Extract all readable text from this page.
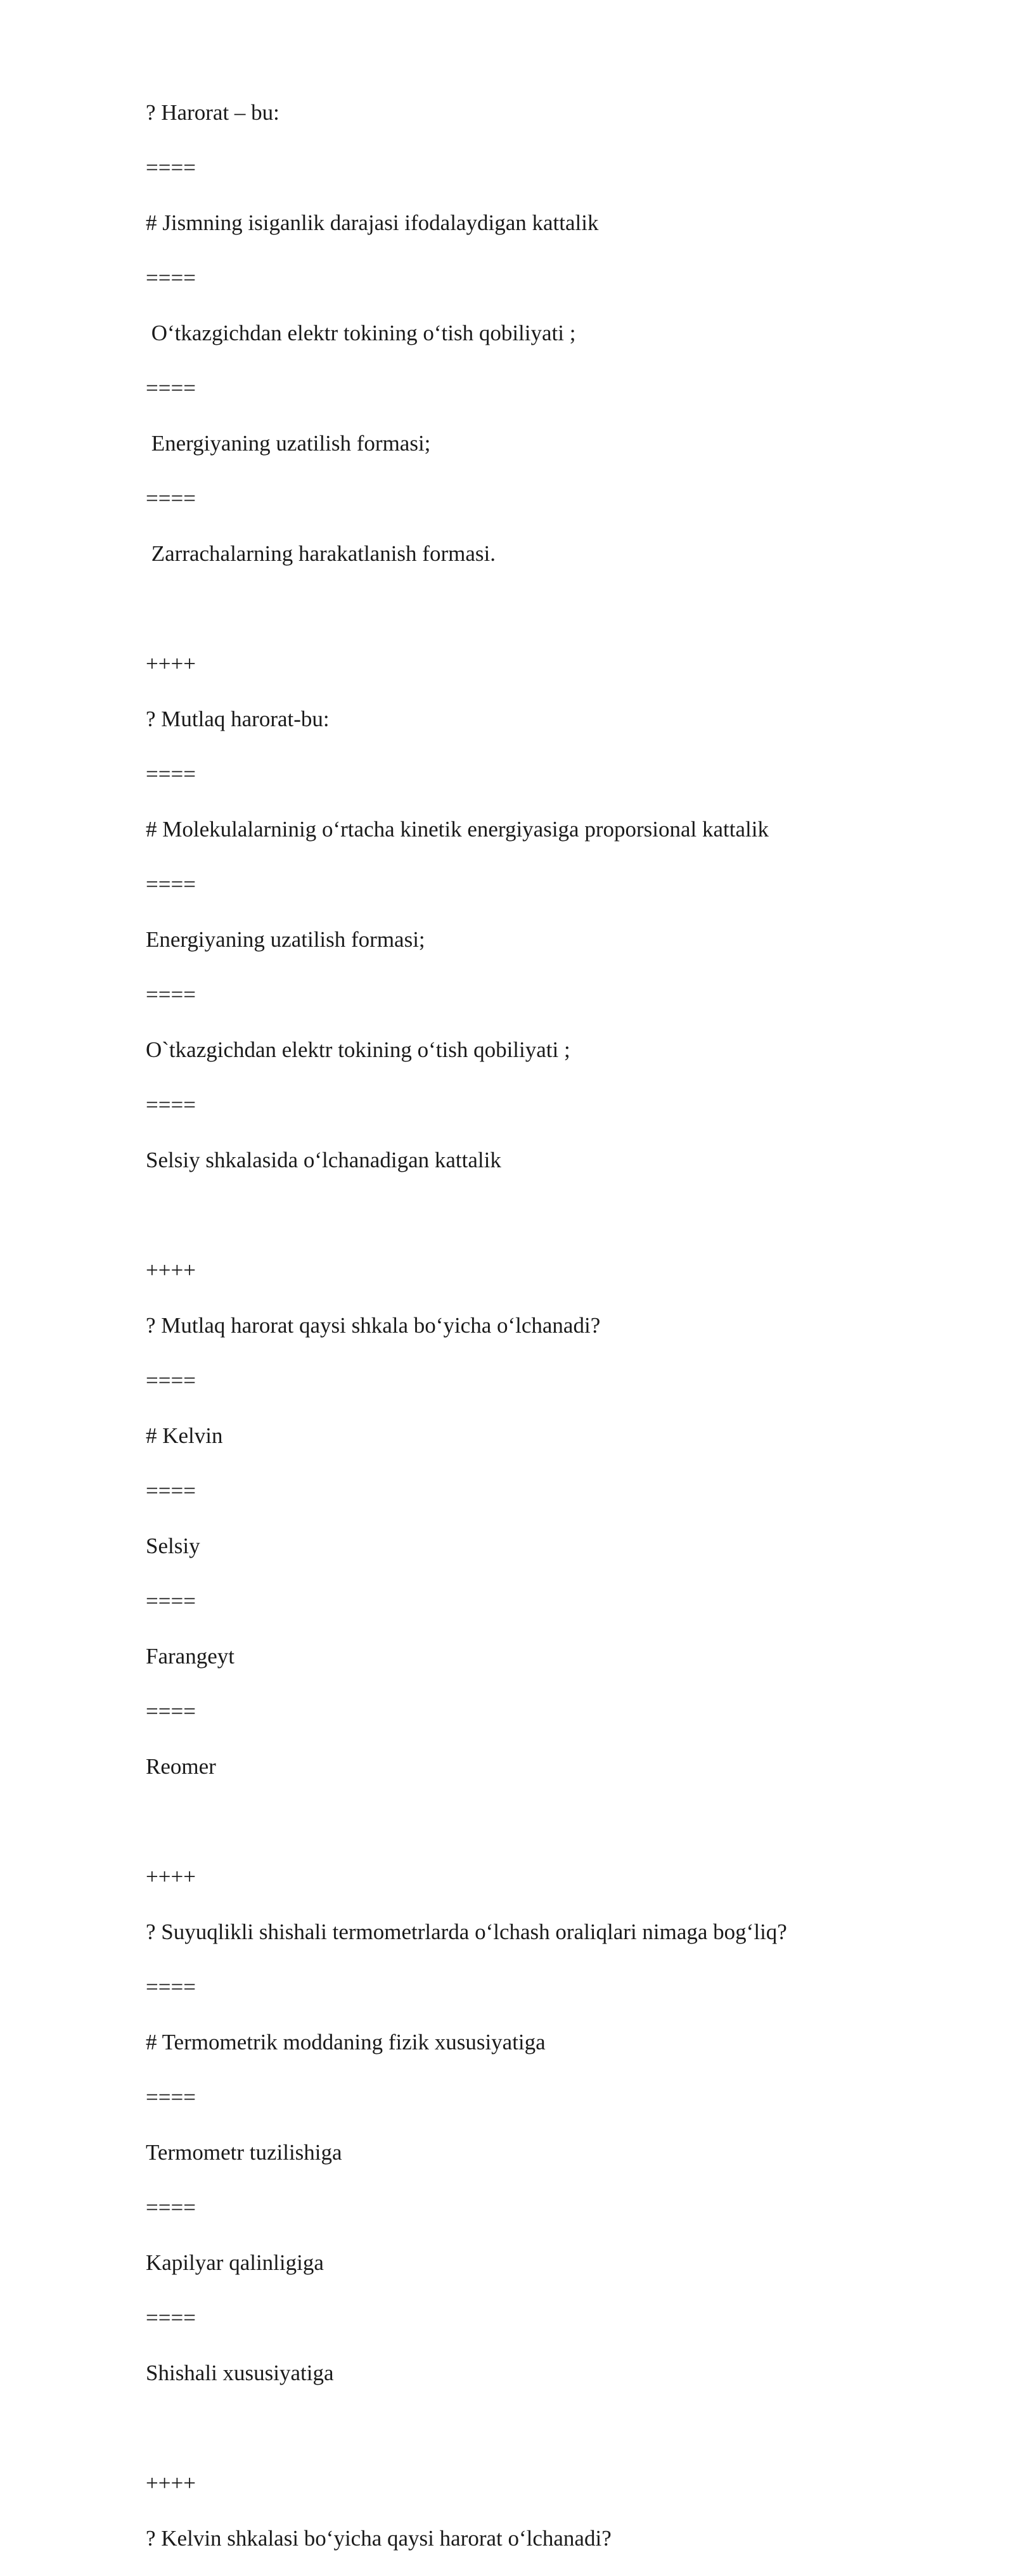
? Harorat – bu:
====
# Jismning isiganlik darajasi ifodalaydigan kattalik
====
O‘tkazgichdan elektr tokining o‘tish qobiliyati ;
====
Energiyaning uzatilish formasi;
====
Zarrachalarning harakatlanish formasi.
++++
? Mutlaq harorat-bu:
====
# Molekulalarninig o‘rtacha kinetik energiyasiga proporsional kattalik
====
Energiyaning uzatilish formasi;
====
O`tkazgichdan elektr tokining o‘tish qobiliyati ;
====
Selsiy shkalasida o‘lchanadigan kattalik
++++
? Mutlaq harorat qaysi shkala bo‘yicha o‘lchanadi?
====
# Kelvin
====
Selsiy
====
Farangeyt
====
Reomer
++++
? Suyuqlikli shishali termometrlarda o‘lchash oraliqlari nimaga bog‘liq?
====
# Termometrik moddaning fizik xususiyatiga
====
Termometr tuzilishiga
====
Kapilyar qalinligiga
====
Shishali xususiyatiga
++++
? Kelvin shkalasi bo‘yicha qaysi harorat o‘lchanadi?
